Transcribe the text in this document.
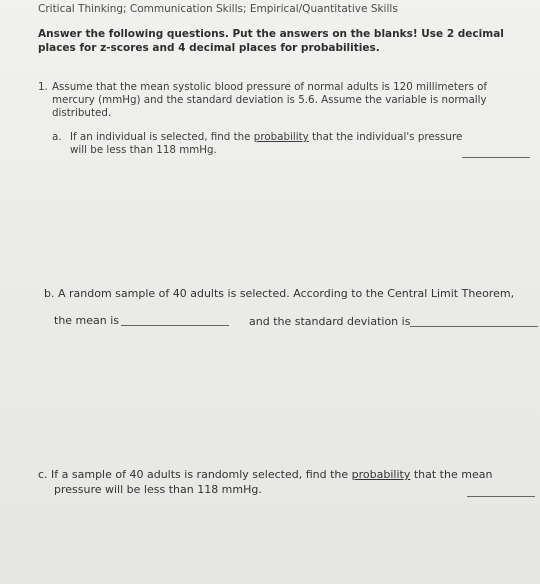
Critical Thinking; Communication Skills; Empirical/Quantitative Skills
Answer the following questions. Put the answers on the blanks! Use 2 decimal
places for z-scores and 4 decimal places for probabilities.
1. Assume that the mean systolic blood pressure of normal adults is 120 millimeters of
mercury (mmHg) and the standard deviation is 5.6. Assume the variable is normally
distributed.
a. If an individual is selected, find the probability that the individual's pressure
will be less than 118 mmHg.
b. A random sample of 40 adults is selected. According to the Central Limit Theorem,
the mean is	and the standard deviation is
c. If a sample of 40 adults is randomly selected, find the probability that the mean
pressure will be less than 118 mmHg.
